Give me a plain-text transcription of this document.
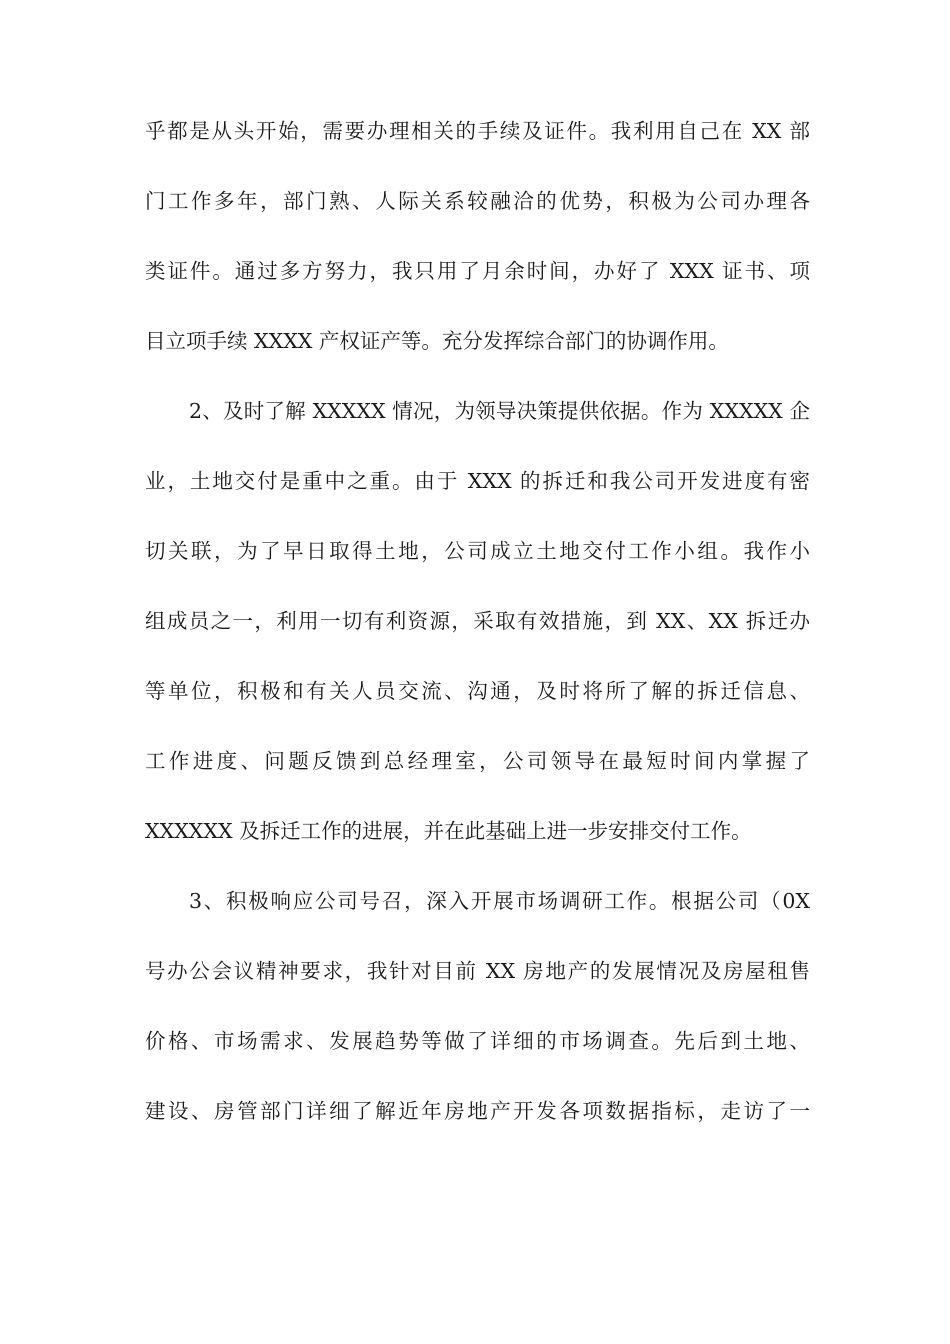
乎都是从头开始，需要办理相关的手续及证件。我利用自己在 XX 部
门工作多年，部门熟、人际关系较融洽的优势，积极为公司办理各
类证件。通过多方努力，我只用了月余时间，办好了 XXX 证书、项
目立项手续 XXXX 产权证产等。充分发挥综合部门的协调作用。
2、及时了解 XXXXX 情况，为领导决策提供依据。作为 XXXXX 企
业，土地交付是重中之重。由于 XXX 的拆迁和我公司开发进度有密
切关联，为了早日取得土地，公司成立土地交付工作小组。我作小
组成员之一，利用一切有利资源，采取有效措施，到 XX、XX 拆迁办
等单位，积极和有关人员交流、沟通，及时将所了解的拆迁信息、
工作进度、问题反馈到总经理室，公司领导在最短时间内掌握了
XXXXXX 及拆迁工作的进展，并在此基础上进一步安排交付工作。
3、积极响应公司号召，深入开展市场调研工作。根据公司（0X
号办公会议精神要求，我针对目前 XX 房地产的发展情况及房屋租售
价格、市场需求、发展趋势等做了详细的市场调查。先后到土地、
建设、房管部门详细了解近年房地产开发各项数据指标，走访了一
